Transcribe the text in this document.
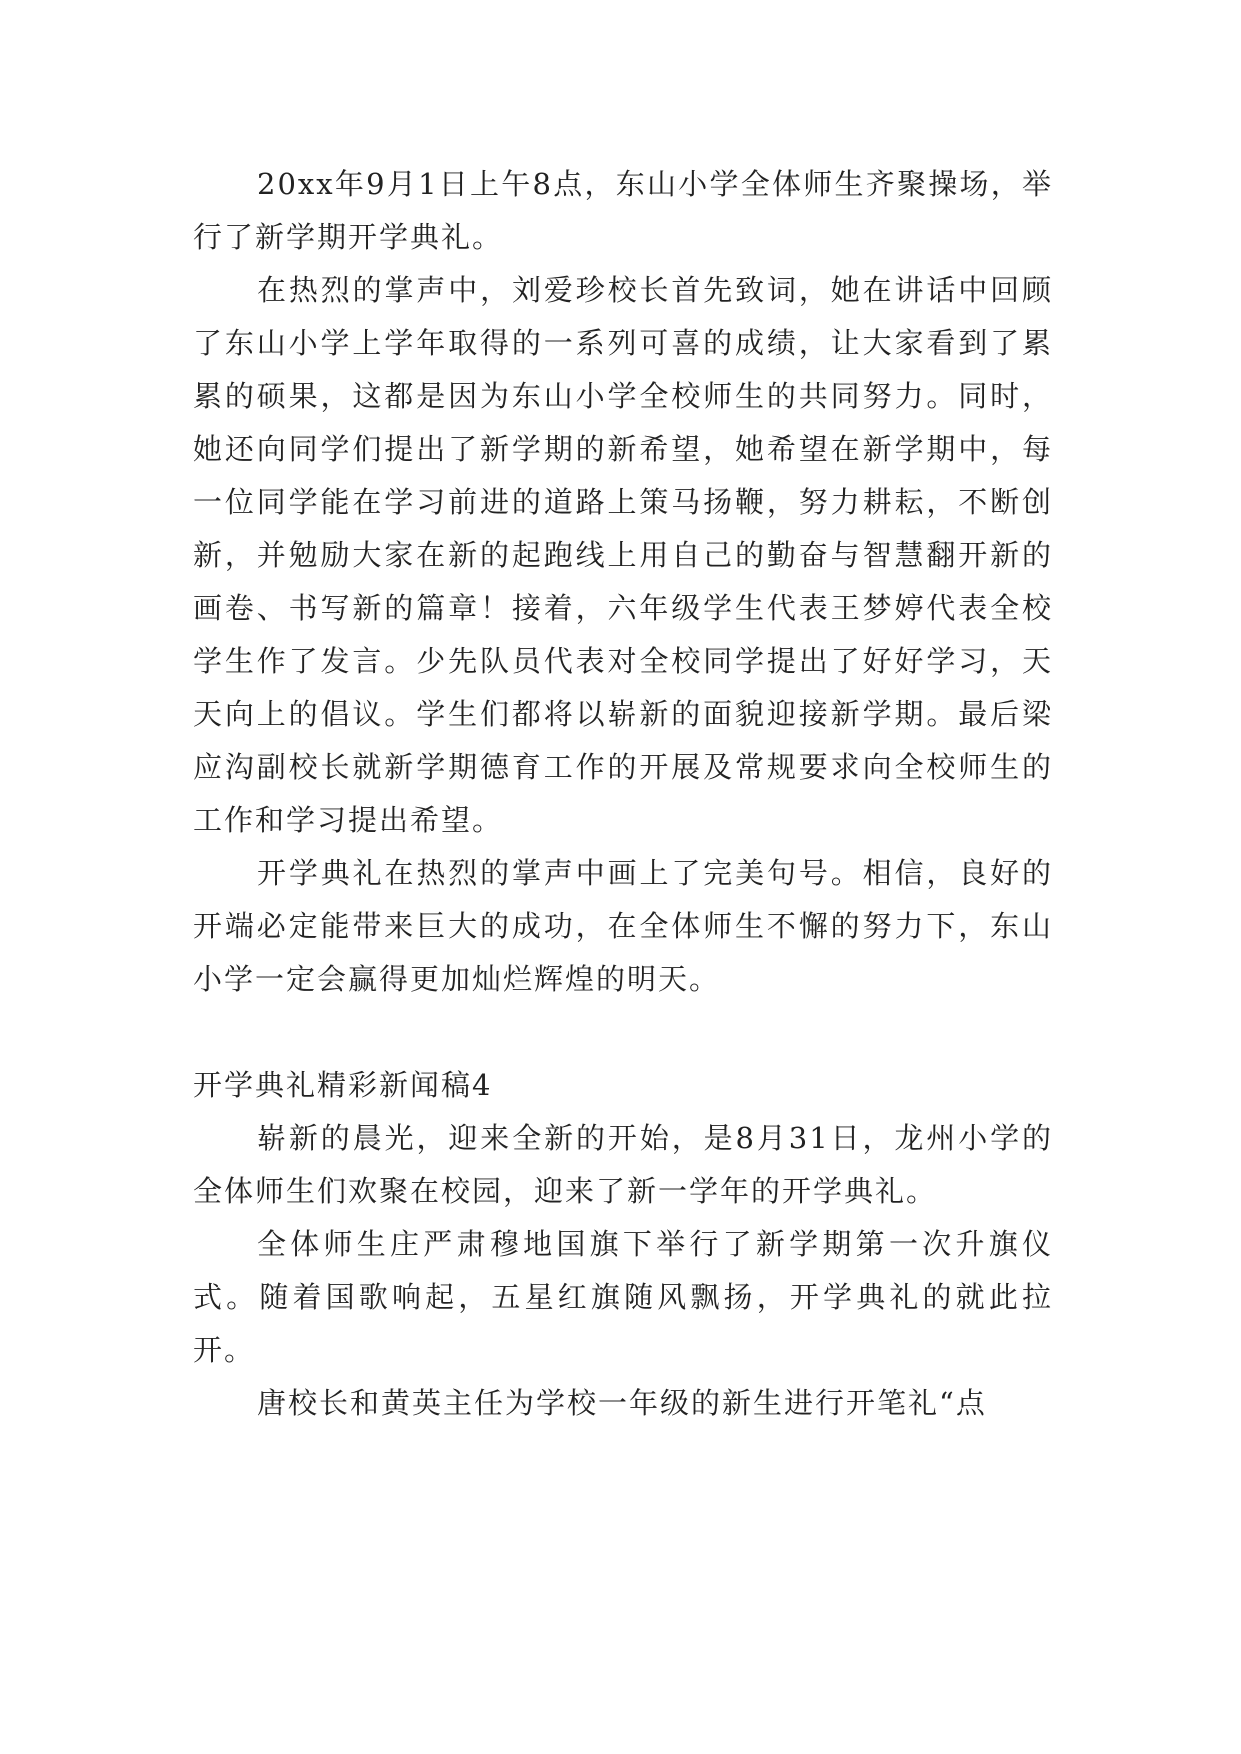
20xx年9月1日上午8点，东山小学全体师生齐聚操场，举行了新学期开学典礼。

在热烈的掌声中，刘爱珍校长首先致词，她在讲话中回顾了东山小学上学年取得的一系列可喜的成绩，让大家看到了累累的硕果，这都是因为东山小学全校师生的共同努力。同时，她还向同学们提出了新学期的新希望，她希望在新学期中，每一位同学能在学习前进的道路上策马扬鞭，努力耕耘，不断创新，并勉励大家在新的起跑线上用自己的勤奋与智慧翻开新的画卷、书写新的篇章！接着，六年级学生代表王梦婷代表全校学生作了发言。少先队员代表对全校同学提出了好好学习，天天向上的倡议。学生们都将以崭新的面貌迎接新学期。最后梁应沟副校长就新学期德育工作的开展及常规要求向全校师生的工作和学习提出希望。

开学典礼在热烈的掌声中画上了完美句号。相信，良好的开端必定能带来巨大的成功，在全体师生不懈的努力下，东山小学一定会赢得更加灿烂辉煌的明天。

开学典礼精彩新闻稿4

崭新的晨光，迎来全新的开始，是8月31日，龙州小学的全体师生们欢聚在校园，迎来了新一学年的开学典礼。

全体师生庄严肃穆地国旗下举行了新学期第一次升旗仪式。随着国歌响起，五星红旗随风飘扬，开学典礼的就此拉开。

唐校长和黄英主任为学校一年级的新生进行开笔礼“点
